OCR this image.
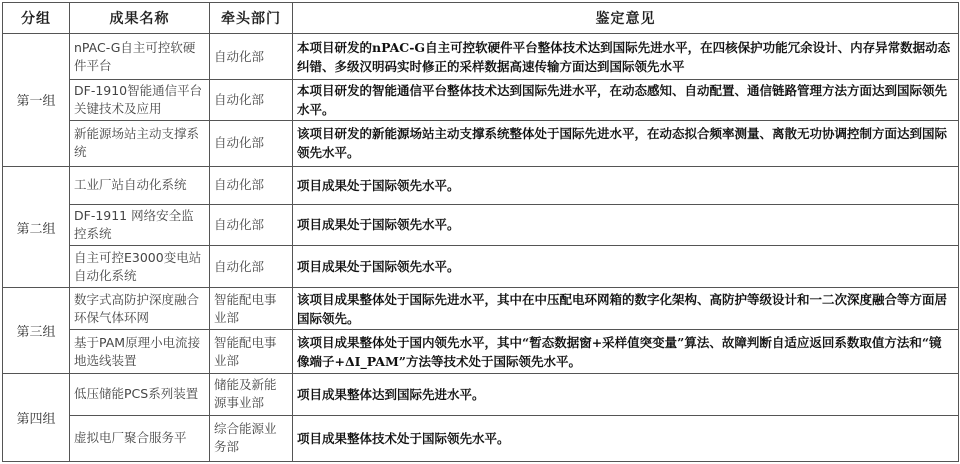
分组	成果名称	牵头部门	鉴定意见
第一组	nPAC-G自主可控软硬件平台	自动化部	本项目研发的nPAC-G自主可控软硬件平台整体技术达到国际先进水平，在四核保护功能冗余设计、内存异常数据动态纠错、多级汉明码实时修正的采样数据高速传输方面达到国际领先水平
	DF-1910智能通信平台关键技术及应用	自动化部	本项目研发的智能通信平台整体技术达到国际先进水平，在动态感知、自动配置、通信链路管理方法方面达到国际领先水平。
	新能源场站主动支撑系统	自动化部	该项目研发的新能源场站主动支撑系统整体处于国际先进水平，在动态拟合频率测量、离散无功协调控制方面达到国际领先水平。
第二组	工业厂站自动化系统	自动化部	项目成果处于国际领先水平。
	DF-1911 网络安全监控系统	自动化部	项目成果处于国际领先水平。
	自主可控E3000变电站自动化系统	自动化部	项目成果处于国际领先水平。
第三组	数字式高防护深度融合环保气体环网	智能配电事业部	该项目成果整体处于国际先进水平，其中在中压配电环网箱的数字化架构、高防护等级设计和一二次深度融合等方面居国际领先。
	基于PAM原理小电流接地选线装置	智能配电事业部	该项目成果整体处于国内领先水平，其中“暂态数据窗+采样值突变量”算法、故障判断自适应返回系数取值方法和“镜像端子+ΔI_PAM”方法等技术处于国际领先水平。
第四组	低压储能PCS系列装置	储能及新能源事业部	项目成果整体达到国际先进水平。
	虚拟电厂聚合服务平	综合能源业务部	项目成果整体技术处于国际领先水平。
